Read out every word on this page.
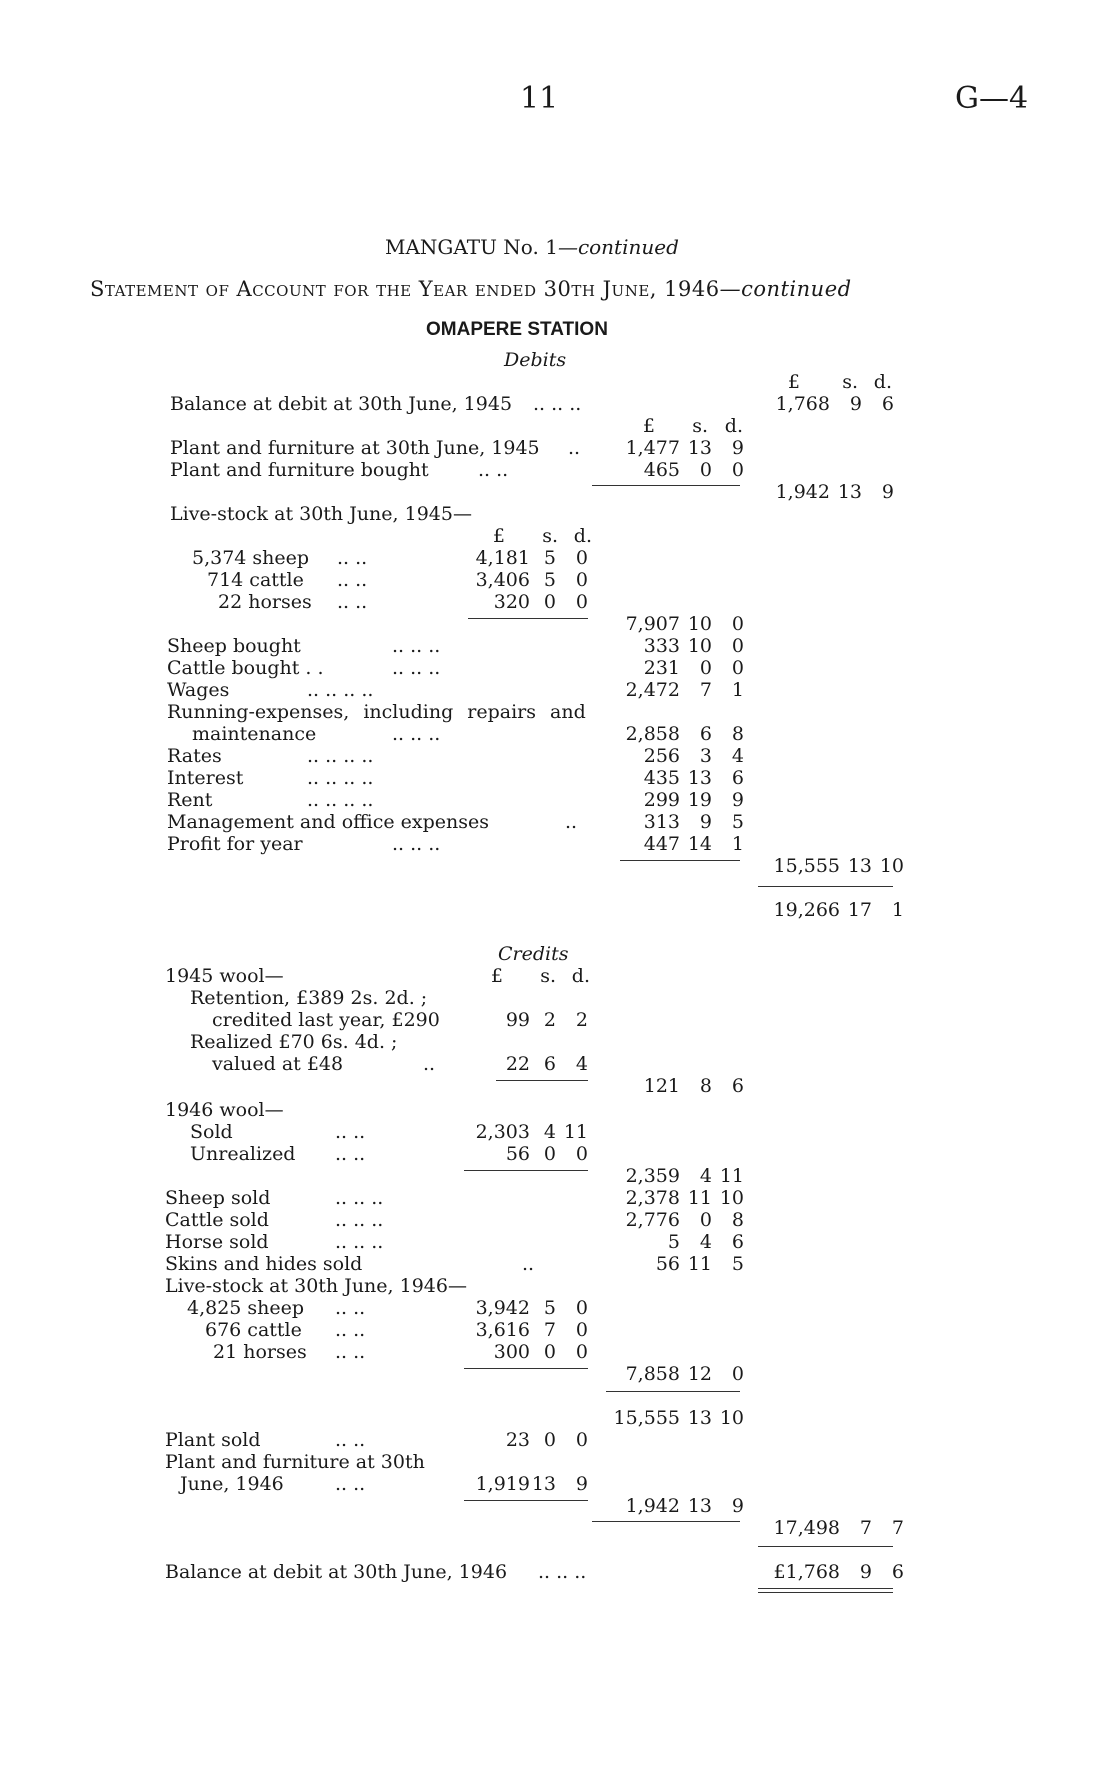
11	G—4
MANGATU No. 1—continued
Statement of Account for the Year ended 30th June, 1946—continued
OMAPERE STATION
Debits
£	s. d.
Balance at debit at 30th June, 1945 .. .. ..	1,768	9	6
£	s. d.
Plant and furniture at 30th June, 1945 ..	1,477 13	9
Plant and furniture bought	.. ..	465	0	0
1,942 13	9
Live-stock at 30th June, 1945—
£	s. d.
5,374 sheep .. ..	4,181 5	0
714 cattle .. ..	3,406 5	0
22 horses .. ..	320 0	0
7,907 10	0
Sheep bought	.. .. ..	333 10	0
Cattle bought . .	.. .. ..	231	0	0
Wages	.. .. .. ..	2,472	7	1
Running-expenses, including repairs and
maintenance	.. .. ..	2,858	6	8
Rates	.. .. .. ..	256	3	4
Interest	.. .. .. ..	435 13	6
Rent	.. .. .. ..	299 19	9
Management and office expenses	..	313	9	5
Profit for year	.. .. ..	447 14	1
15,555 13 10
19,266 17	1
Credits
1945 wool—	£	s. d.
Retention, £389 2s. 2d. ;
credited last year, £290	99 2	2
Realized £70 6s. 4d. ;
valued at £48	..	22 6	4
121	8	6
1946 wool—
Sold	.. ..	2,303 4 11
Unrealized .. ..	56 0	0
2,359	4 11
Sheep sold	.. .. ..	2,378 11 10
Cattle sold	.. .. ..	2,776	0	8
Horse sold	.. .. ..	5	4	6
Skins and hides sold	..	56 11	5
Live-stock at 30th June, 1946—
4,825 sheep .. ..	3,942 5	0
676 cattle .. ..	3,616 7	0
21 horses .. ..	300 0	0
7,858 12	0
15,555 13 10
Plant sold	.. ..	23 0	0
Plant and furniture at 30th
June, 1946	.. ..	1,919 13	9
1,942 13	9
17,498	7	7
Balance at debit at 30th June, 1946 .. .. ..	£1,768	9	6
